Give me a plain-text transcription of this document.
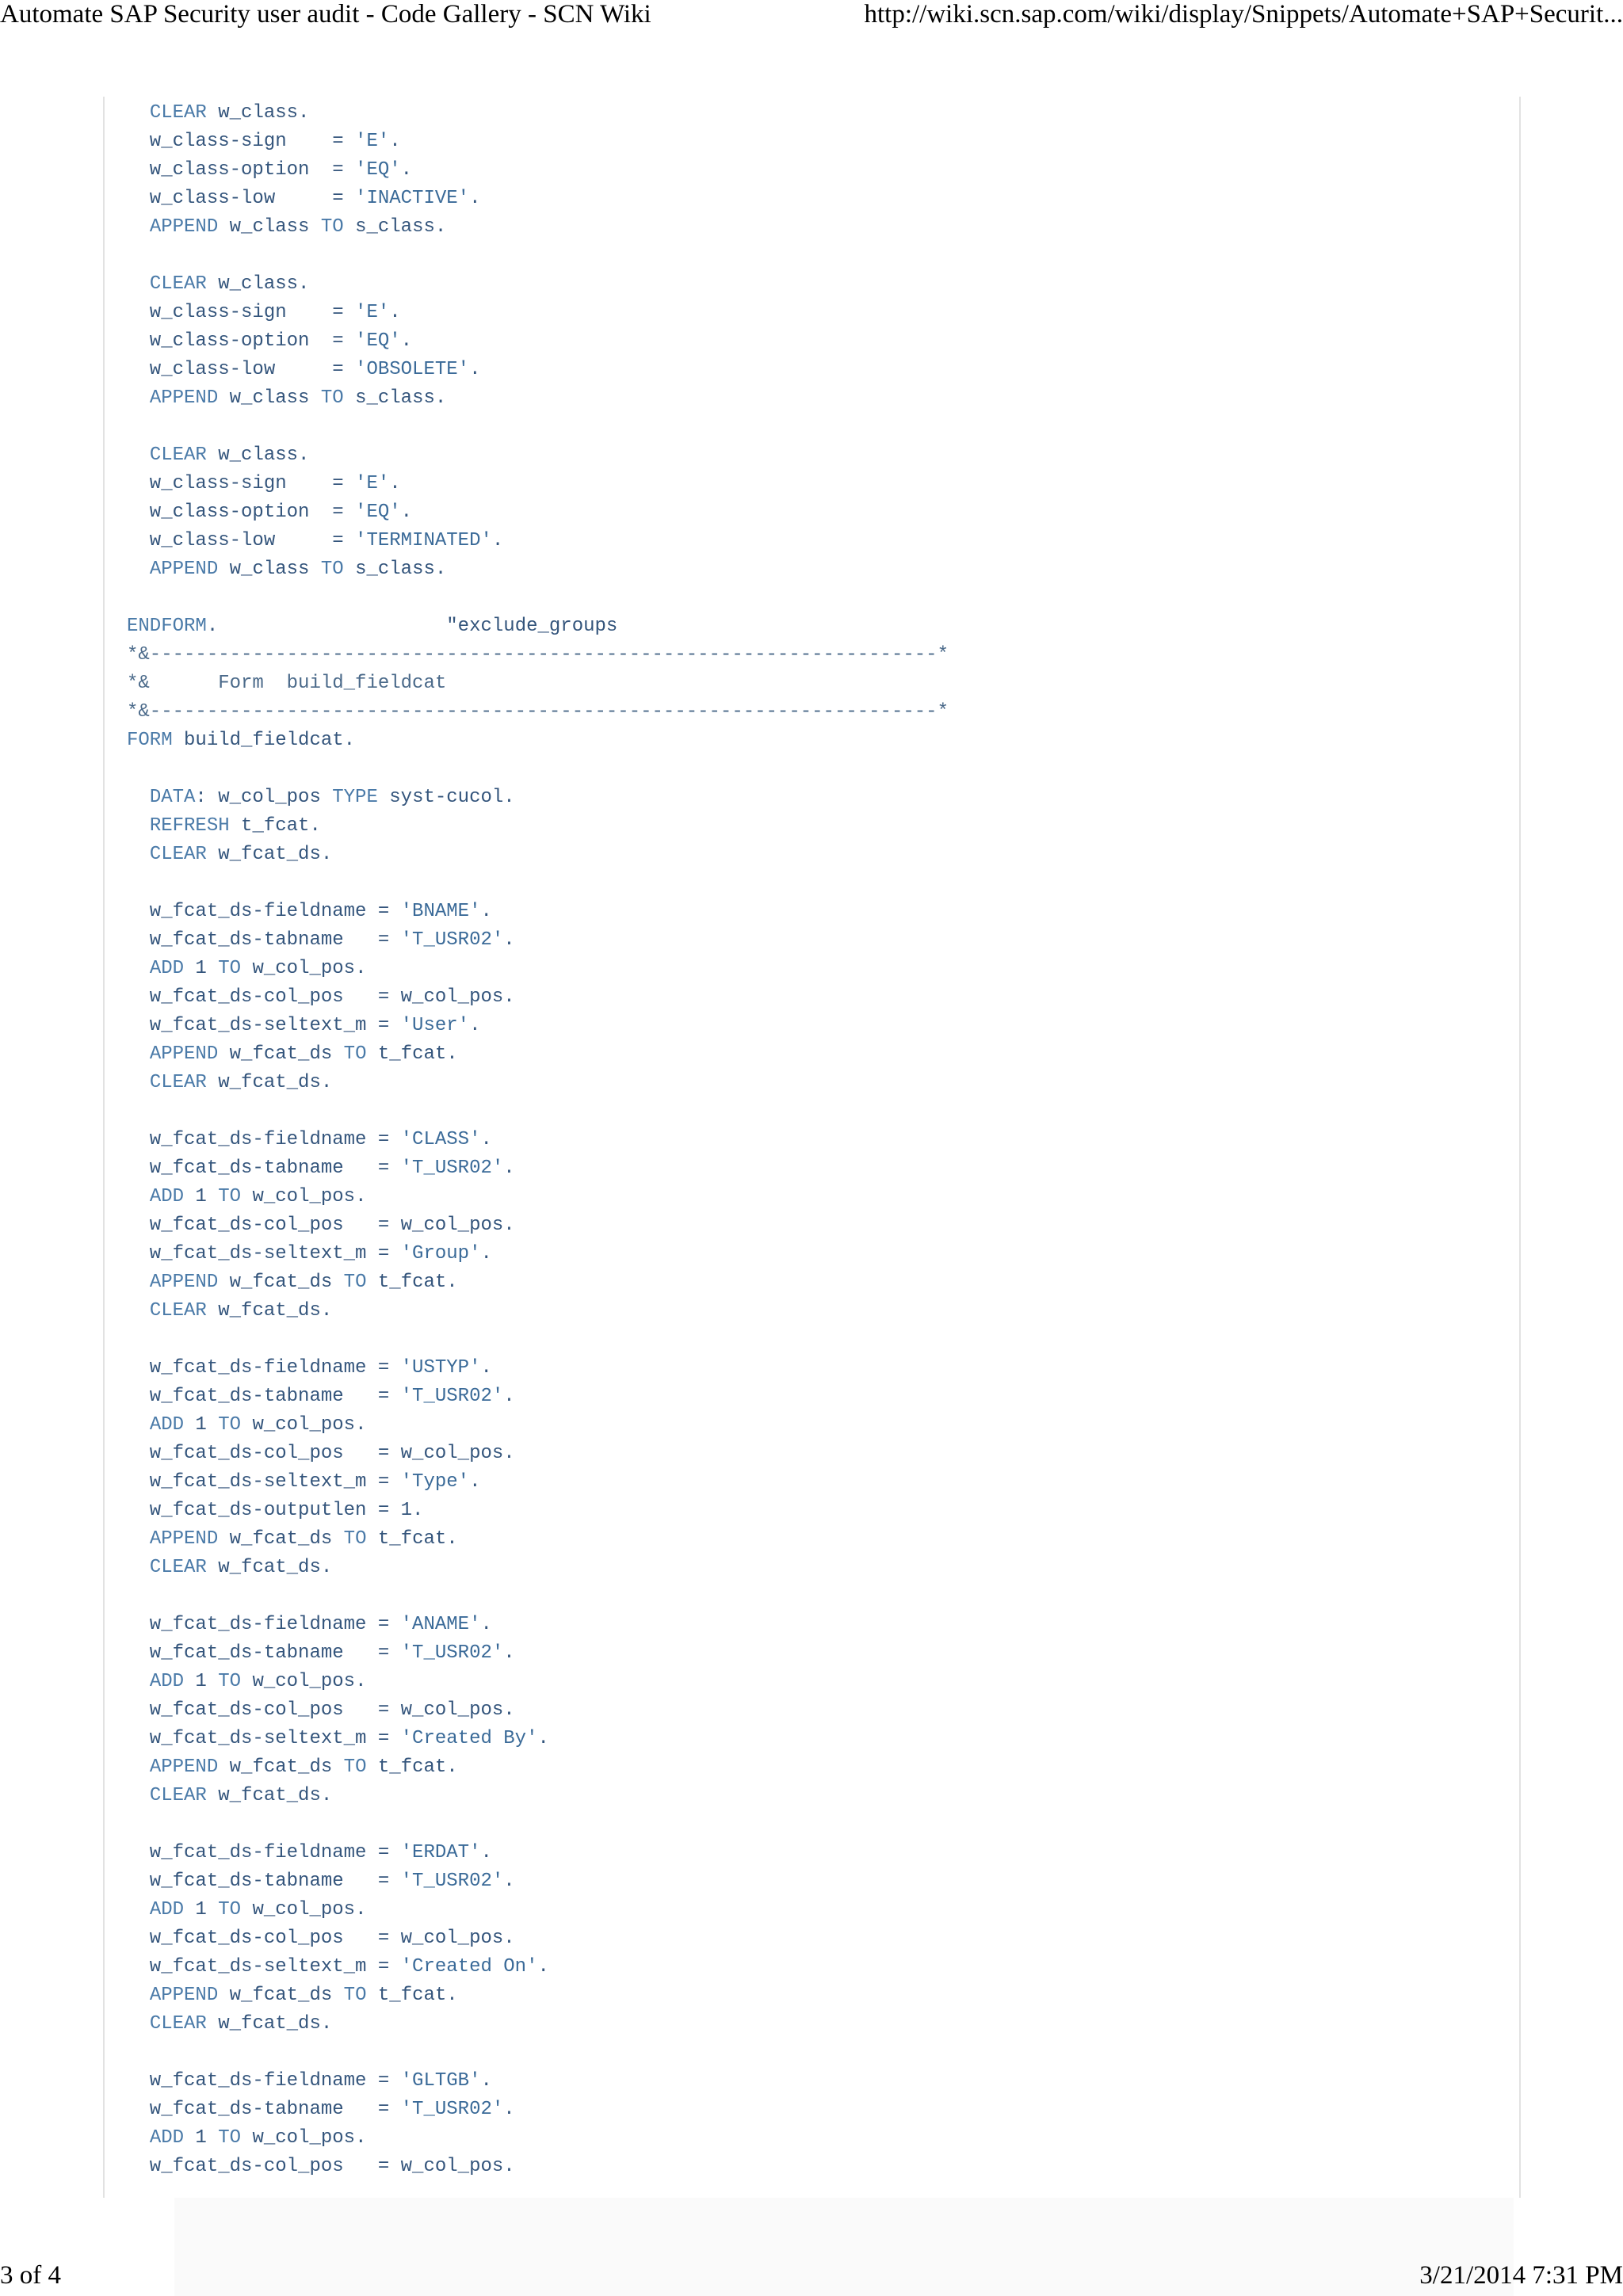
Automate SAP Security user audit - Code Gallery - SCN Wiki	http://wiki.scn.sap.com/wiki/display/Snippets/Automate+SAP+Securit...
CLEAR w_class.
w_class-sign    = 'E'.
w_class-option  = 'EQ'.
w_class-low     = 'INACTIVE'.
APPEND w_class TO s_class.
CLEAR w_class.
w_class-sign    = 'E'.
w_class-option  = 'EQ'.
w_class-low     = 'OBSOLETE'.
APPEND w_class TO s_class.
CLEAR w_class.
w_class-sign    = 'E'.
w_class-option  = 'EQ'.
w_class-low     = 'TERMINATED'.
APPEND w_class TO s_class.
ENDFORM.                    "exclude_groups
*&---------------------------------------------------------------------*
*&      Form  build_fieldcat
*&---------------------------------------------------------------------*
FORM build_fieldcat.
DATA: w_col_pos TYPE syst-cucol.
REFRESH t_fcat.
CLEAR w_fcat_ds.
w_fcat_ds-fieldname = 'BNAME'.
w_fcat_ds-tabname   = 'T_USR02'.
ADD 1 TO w_col_pos.
w_fcat_ds-col_pos   = w_col_pos.
w_fcat_ds-seltext_m = 'User'.
APPEND w_fcat_ds TO t_fcat.
CLEAR w_fcat_ds.
w_fcat_ds-fieldname = 'CLASS'.
w_fcat_ds-tabname   = 'T_USR02'.
ADD 1 TO w_col_pos.
w_fcat_ds-col_pos   = w_col_pos.
w_fcat_ds-seltext_m = 'Group'.
APPEND w_fcat_ds TO t_fcat.
CLEAR w_fcat_ds.
w_fcat_ds-fieldname = 'USTYP'.
w_fcat_ds-tabname   = 'T_USR02'.
ADD 1 TO w_col_pos.
w_fcat_ds-col_pos   = w_col_pos.
w_fcat_ds-seltext_m = 'Type'.
w_fcat_ds-outputlen = 1.
APPEND w_fcat_ds TO t_fcat.
CLEAR w_fcat_ds.
w_fcat_ds-fieldname = 'ANAME'.
w_fcat_ds-tabname   = 'T_USR02'.
ADD 1 TO w_col_pos.
w_fcat_ds-col_pos   = w_col_pos.
w_fcat_ds-seltext_m = 'Created By'.
APPEND w_fcat_ds TO t_fcat.
CLEAR w_fcat_ds.
w_fcat_ds-fieldname = 'ERDAT'.
w_fcat_ds-tabname   = 'T_USR02'.
ADD 1 TO w_col_pos.
w_fcat_ds-col_pos   = w_col_pos.
w_fcat_ds-seltext_m = 'Created On'.
APPEND w_fcat_ds TO t_fcat.
CLEAR w_fcat_ds.
w_fcat_ds-fieldname = 'GLTGB'.
w_fcat_ds-tabname   = 'T_USR02'.
ADD 1 TO w_col_pos.
w_fcat_ds-col_pos   = w_col_pos.
3 of 4	3/21/2014 7:31 PM
